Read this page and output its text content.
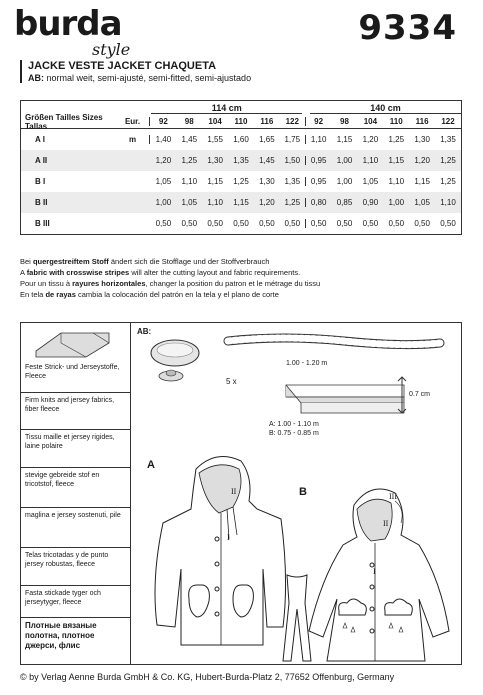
burda
style
9334
JACKE VESTE JACKET CHAQUETA
AB: normal weit, semi-ajusté, semi-fitted, semi-ajustado
114 cm	140 cm
Größen Tailles Sizes Tallas	Eur.	92	98	104	110	116	122	92	98	104	110	116	122
A I	m	1,40	1,45	1,55	1,60	1,65	1,75	1,10	1,15	1,20	1,25	1,30	1,35
A II	1,20	1,25	1,30	1,35	1,45	1,50	0,95	1,00	1,10	1,15	1,20	1,25
B I	1,05	1,10	1,15	1,25	1,30	1,35	0,95	1,00	1,05	1,10	1,15	1,25
B II	1,00	1,05	1,10	1,15	1,20	1,25	0,80	0,85	0,90	1,00	1,05	1,10
B III	0,50	0,50	0,50	0,50	0,50	0,50	0,50	0,50	0,50	0,50	0,50	0,50
Bei quergestreiftem Stoff ändert sich die Stofflage und der Stoffverbrauch
A fabric with crosswise stripes will alter the cutting layout and fabric requirements.
Pour un tissu à rayures horizontales, changer la position du patron et le métrage du tissu
En tela de rayas cambia la colocación del patrón en la tela y el plano de corte
Feste Strick- und Jerseystoffe, Fleece
Firm knits and jersey fabrics, fiber fleece
Tissu maille et jersey rigides, laine polaire
stevige gebreide stof en tricotstof, fleece
maglina e jersey sostenuti, pile
Telas tricotadas y de punto jersey robustas, fleece
Fasta stickade tyger och jerseytyger, fleece
Плотные вязаные полотна, плотное джерси, флис
AB:
5 x
1.00 - 1.20 m
0.7 cm
A: 1.00 - 1.10 m
B: 0.75 - 0.85 m
A
II
I
B	III
II
I
© by Verlag Aenne Burda GmbH & Co. KG, Hubert-Burda-Platz 2, 77652 Offenburg, Germany
